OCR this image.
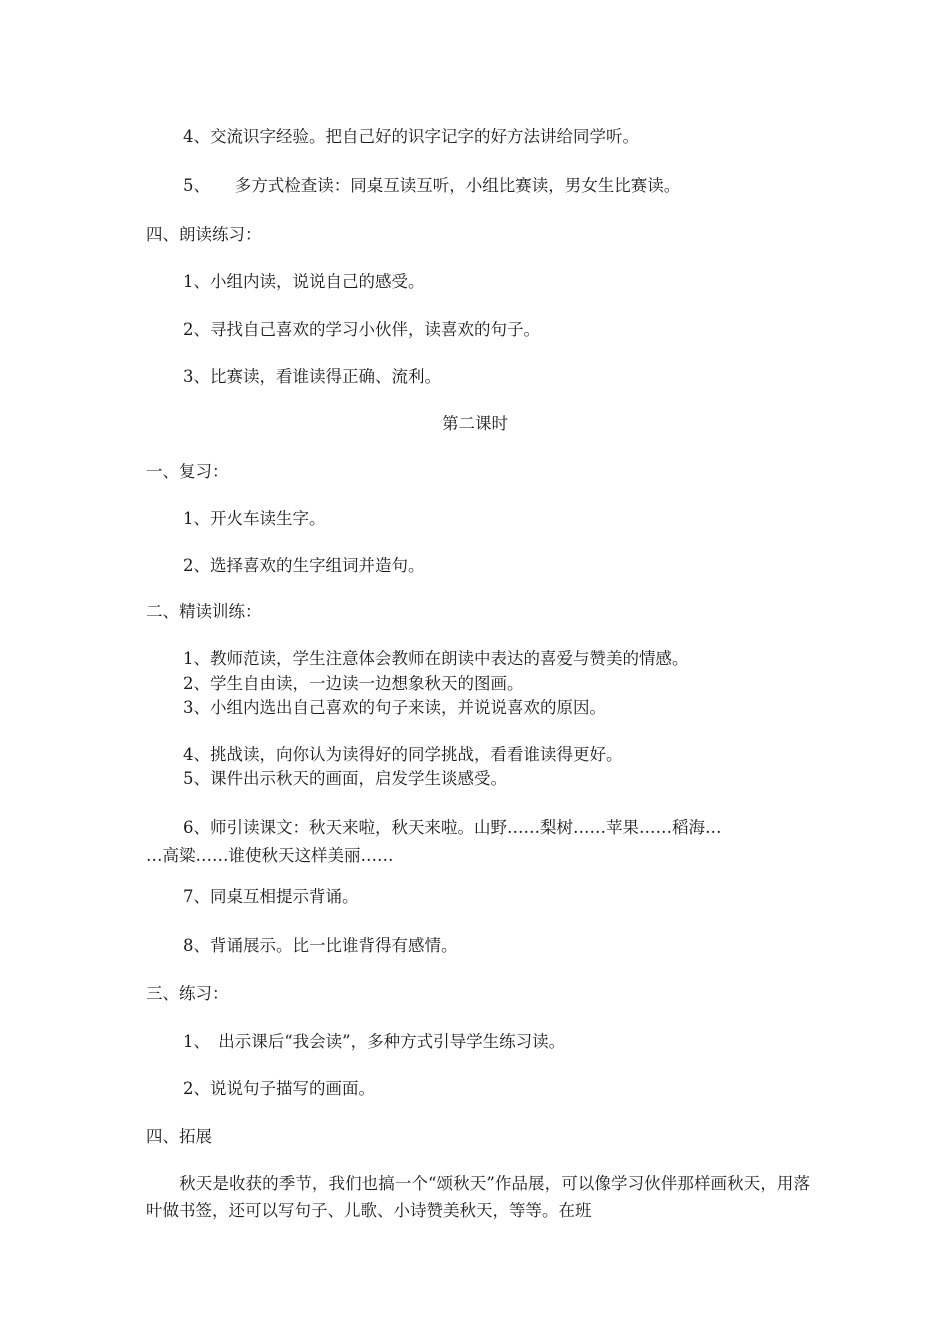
4、交流识字经验。把自己好的识字记字的好方法讲给同学听。

5、　　多方式检查读：同桌互读互听，小组比赛读，男女生比赛读。

四、朗读练习：

1、小组内读，说说自己的感受。

2、寻找自己喜欢的学习小伙伴，读喜欢的句子。

3、比赛读，看谁读得正确、流利。

第二课时

一、复习：

1、开火车读生字。

2、选择喜欢的生字组词并造句。

二、精读训练：

1、教师范读，学生注意体会教师在朗读中表达的喜爱与赞美的情感。

2、学生自由读，一边读一边想象秋天的图画。

3、小组内选出自己喜欢的句子来读，并说说喜欢的原因。

4、挑战读，向你认为读得好的同学挑战，看看谁读得更好。

5、课件出示秋天的画面，启发学生谈感受。

6、师引读课文：秋天来啦，秋天来啦。山野……梨树……苹果……稻海…

…高粱……谁使秋天这样美丽……

7、同桌互相提示背诵。

8、背诵展示。比一比谁背得有感情。

三、练习：

1、　出示课后“我会读”，多种方式引导学生练习读。

2、说说句子描写的画面。

四、拓展

　　秋天是收获的季节，我们也搞一个“颂秋天”作品展，可以像学习伙伴那样画秋天，用落叶做书签，还可以写句子、儿歌、小诗赞美秋天，等等。在班
